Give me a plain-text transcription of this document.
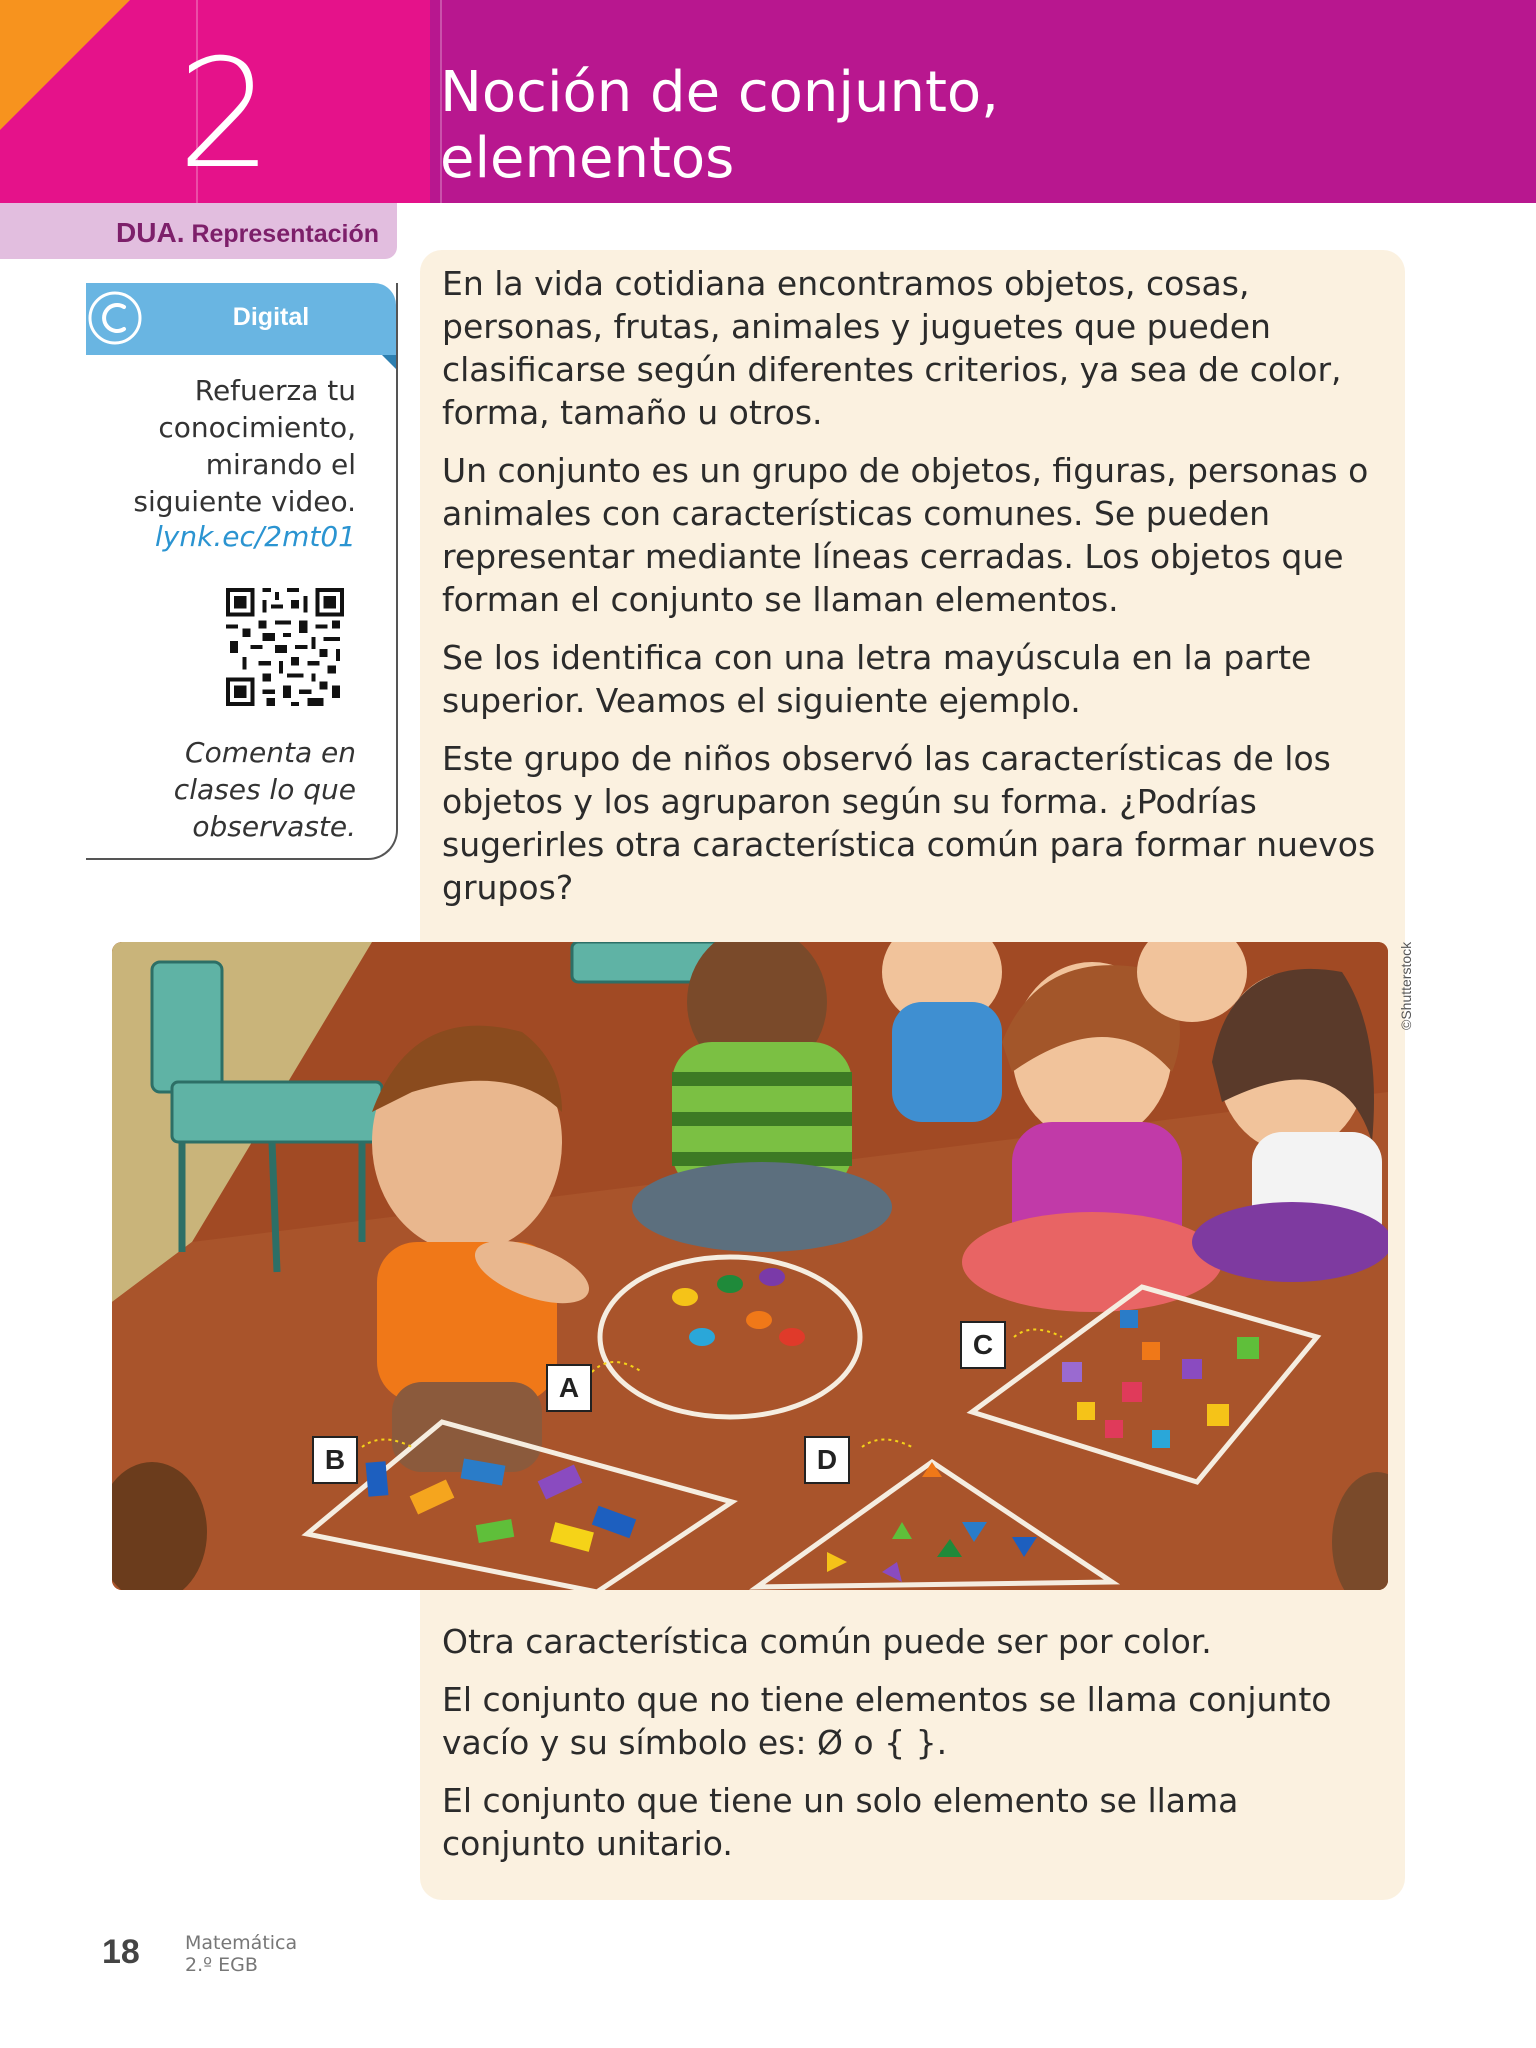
2	Noción de conjunto,
elementos
DUA. Representación
Digital
Refuerza tu conocimiento, mirando el siguiente video.
lynk.ec/2mt01
Comenta en clases lo que observaste.

En la vida cotidiana encontramos objetos, cosas, personas, frutas, animales y juguetes que pueden clasificarse según diferentes criterios, ya sea de color, forma, tamaño u otros.

Un conjunto es un grupo de objetos, figuras, personas o animales con características comunes. Se pueden representar mediante líneas cerradas. Los objetos que forman el conjunto se llaman elementos.

Se los identifica con una letra mayúscula en la parte superior. Veamos el siguiente ejemplo.

Este grupo de niños observó las características de los objetos y los agruparon según su forma. ¿Podrías sugerirles otra característica común para formar nuevos grupos?

A
B
C
D
©Shutterstock

Otra característica común puede ser por color.

El conjunto que no tiene elementos se llama conjunto vacío y su símbolo es: Ø o { }.

El conjunto que tiene un solo elemento se llama conjunto unitario.

18 Matemática
2.º EGB
